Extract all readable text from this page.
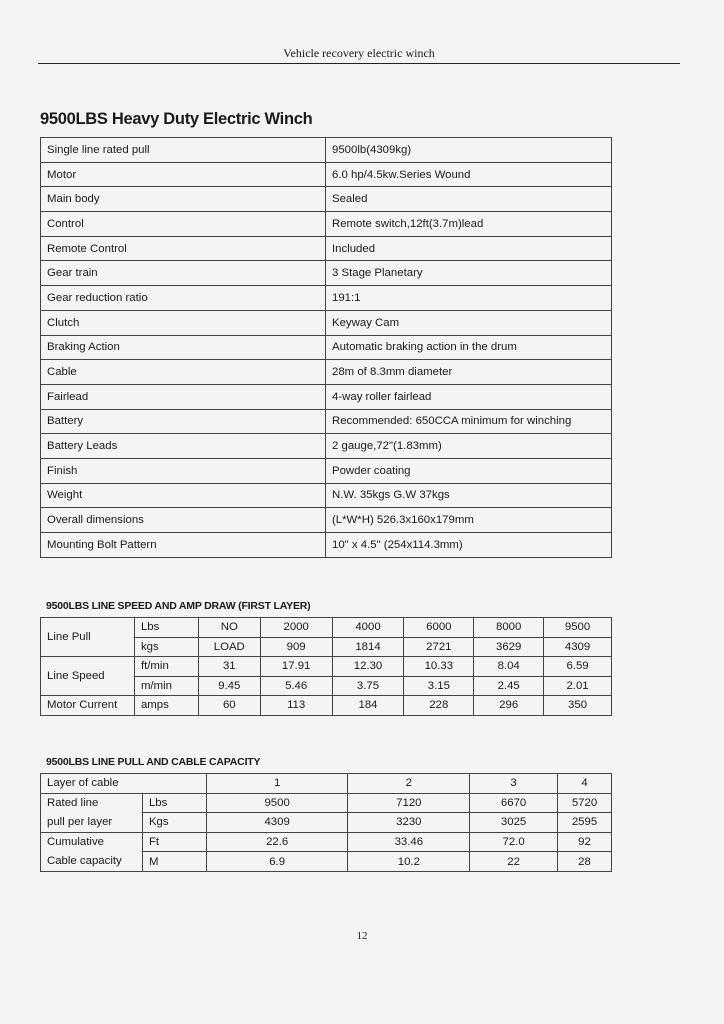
Vehicle recovery electric winch
9500LBS Heavy Duty Electric Winch
Single line rated pull	9500lb(4309kg)
Motor	6.0 hp/4.5kw.Series Wound
Main body	Sealed
Control	Remote switch,12ft(3.7m)lead
Remote Control	Included
Gear train	3 Stage Planetary
Gear reduction ratio	191:1
Clutch	Keyway Cam
Braking Action	Automatic braking action in the drum
Cable	28m of 8.3mm diameter
Fairlead	4-way roller fairlead
Battery	Recommended: 650CCA minimum for winching
Battery Leads	2 gauge,72"(1.83mm)
Finish	Powder coating
Weight	N.W. 35kgs G.W 37kgs
Overall dimensions	(L*W*H) 526.3x160x179mm
Mounting Bolt Pattern	10" x 4.5" (254x114.3mm)
9500LBS LINE SPEED AND AMP DRAW (FIRST LAYER)
Line Pull	Lbs	NO	2000	4000	6000	8000	9500
	kgs	LOAD	909	1814	2721	3629	4309
Line Speed	ft/min	31	17.91	12.30	10.33	8.04	6.59
	m/min	9.45	5.46	3.75	3.15	2.45	2.01
Motor Current	amps	60	113	184	228	296	350
9500LBS LINE PULL AND CABLE CAPACITY
Layer of cable		1	2	3	4
Rated line	Lbs	9500	7120	6670	5720
pull per layer	Kgs	4309	3230	3025	2595
Cumulative	Ft	22.6	33.46	72.0	92
Cable capacity	M	6.9	10.2	22	28
12
